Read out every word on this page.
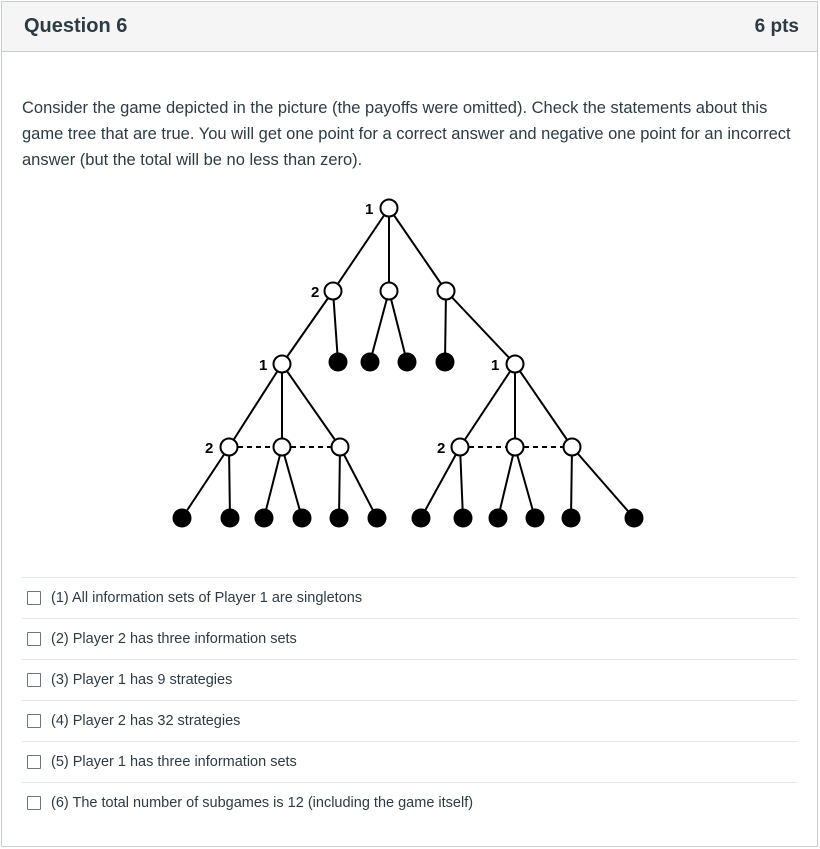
Question 6	6 pts
Consider the game depicted in the picture (the payoffs were omitted). Check the statements about this game tree that are true. You will get one point for a correct answer and negative one point for an incorrect answer (but the total will be no less than zero).
1
2
1	1
2	2
(1) All information sets of Player 1 are singletons
(2) Player 2 has three information sets
(3) Player 1 has 9 strategies
(4) Player 2 has 32 strategies
(5) Player 1 has three information sets
(6) The total number of subgames is 12 (including the game itself)
